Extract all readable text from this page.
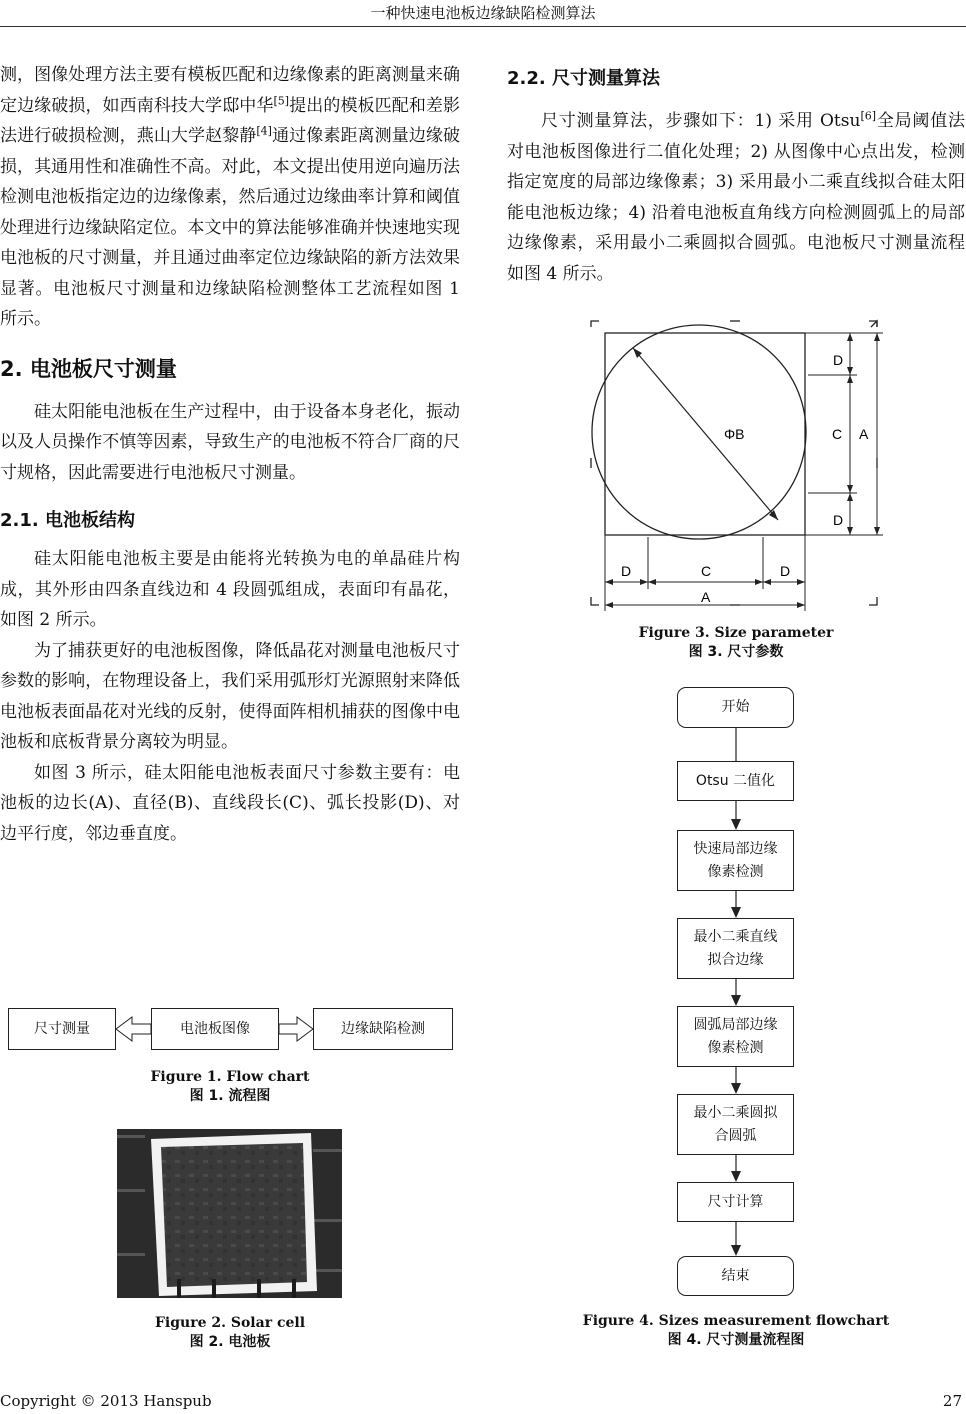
一种快速电池板边缘缺陷检测算法

测，图像处理方法主要有模板匹配和边缘像素的距离测量来确定边缘破损，如西南科技大学邸中华[5]提出的模板匹配和差影法进行破损检测，燕山大学赵黎静[4]通过像素距离测量边缘破损，其通用性和准确性不高。对此，本文提出使用逆向遍历法检测电池板指定边的边缘像素，然后通过边缘曲率计算和阈值处理进行边缘缺陷定位。本文中的算法能够准确并快速地实现电池板的尺寸测量，并且通过曲率定位边缘缺陷的新方法效果显著。电池板尺寸测量和边缘缺陷检测整体工艺流程如图 1 所示。

2. 电池板尺寸测量

硅太阳能电池板在生产过程中，由于设备本身老化，振动以及人员操作不慎等因素，导致生产的电池板不符合厂商的尺寸规格，因此需要进行电池板尺寸测量。

2.1. 电池板结构

硅太阳能电池板主要是由能将光转换为电的单晶硅片构成，其外形由四条直线边和 4 段圆弧组成，表面印有晶花，如图 2 所示。

为了捕获更好的电池板图像，降低晶花对测量电池板尺寸参数的影响，在物理设备上，我们采用弧形灯光源照射来降低电池板表面晶花对光线的反射，使得面阵相机捕获的图像中电池板和底板背景分离较为明显。

如图 3 所示，硅太阳能电池板表面尺寸参数主要有：电池板的边长(A)、直径(B)、直线段长(C)、弧长投影(D)、对边平行度，邻边垂直度。

尺寸测量	电池板图像	边缘缺陷检测
Figure 1. Flow chart
图 1. 流程图
Figure 2. Solar cell
图 2. 电池板
2.2. 尺寸测量算法

尺寸测量算法，步骤如下：1) 采用 Otsu[6]全局阈值法对电池板图像进行二值化处理；2) 从图像中心点出发，检测指定宽度的局部边缘像素；3) 采用最小二乘直线拟合硅太阳能电池板边缘；4) 沿着电池板直角线方向检测圆弧上的局部边缘像素，采用最小二乘圆拟合圆弧。电池板尺寸测量流程如图 4 所示。

ΦB
D
C A
D
D	C	D
A
Figure 3. Size parameter
图 3. 尺寸参数
开始
Otsu 二值化
快速局部边缘像素检测
最小二乘直线拟合边缘
圆弧局部边缘像素检测
最小二乘圆拟合圆弧
尺寸计算
结束
Figure 4. Sizes measurement flowchart
图 4. 尺寸测量流程图
Copyright © 2013 Hanspub	27
